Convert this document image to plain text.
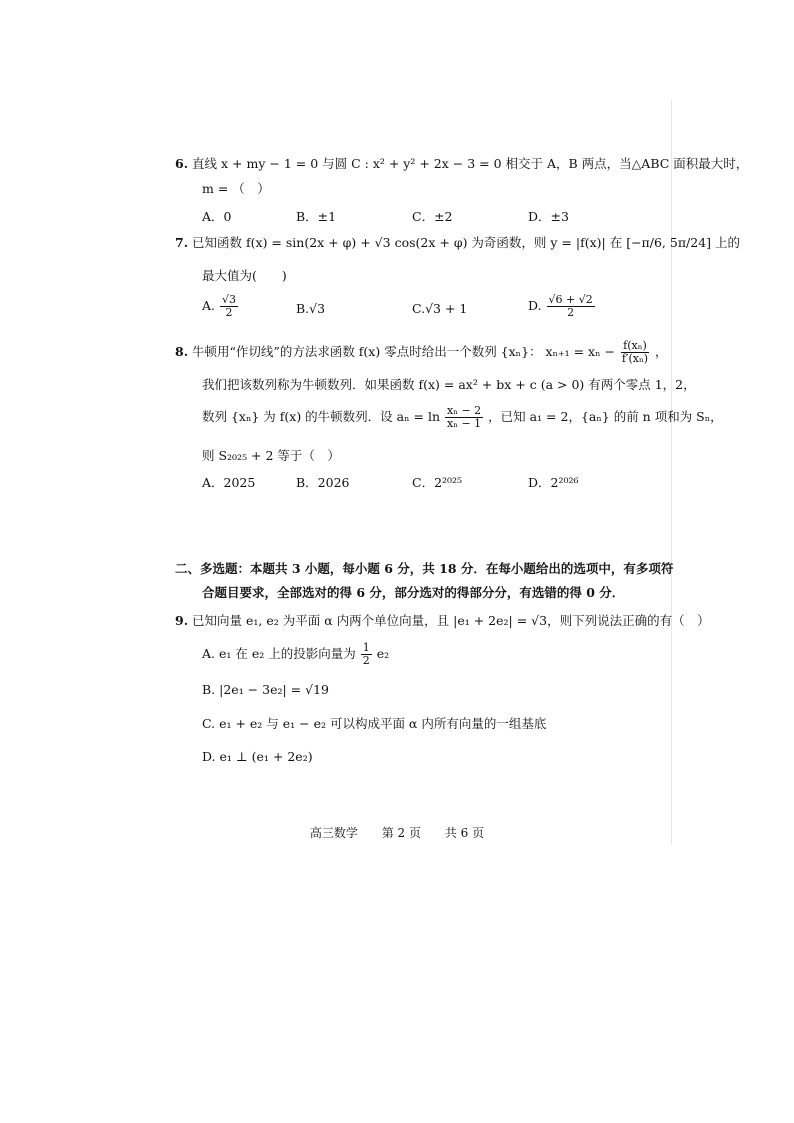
6. 直线 x + my − 1 = 0 与圆 C : x² + y² + 2x − 3 = 0 相交于 A，B 两点，当△ABC 面积最大时，
m = （　）
A．0	B．±1	C．±2	D．±3
7. 已知函数 f(x) = sin(2x + φ) + √3 cos(2x + φ) 为奇函数，则 y = |f(x)| 在 [−π/6, 5π/24] 上的
最大值为(　　)
A. $\frac{√3}{2}$	B.√3	C.√3 + 1	D. $\frac{√6 + √2}{2}$
8. 牛顿用“作切线”的方法求函数 f(x) 零点时给出一个数列 {xₙ}： $x_{n+1} = x_n - \frac{\text{f(xₙ)}}{\text{f′(xₙ)}}$ ，
我们把该数列称为牛顿数列．如果函数 f(x) = ax² + bx + c (a > 0) 有两个零点 1，2，
数列 {xₙ} 为 f(x) 的牛顿数列．设 $a_n = \ln \frac{\text{xₙ − 2}}{\text{xₙ − 1}}$ ，已知 a₁ = 2，{aₙ} 的前 n 项和为 Sₙ，
则 S₂₀₂₅ + 2 等于（　）
A．2025	B．2026	C．2²⁰²⁵	D．2²⁰²⁶
二、多选题：本题共 3 小题，每小题 6 分，共 18 分．在每小题给出的选项中，有多项符
合题目要求，全部选对的得 6 分，部分选对的得部分分，有选错的得 0 分．
9. 已知向量 e₁, e₂ 为平面 α 内两个单位向量，且 |e₁ + 2e₂| = √3，则下列说法正确的有（　）
A. e₁ 在 e₂ 上的投影向量为 $\frac{1}{2} e_2$
B. |2e₁ − 3e₂| = √19
C. e₁ + e₂ 与 e₁ − e₂ 可以构成平面 α 内所有向量的一组基底
D. e₁ ⊥ (e₁ + 2e₂)
高三数学 第 2 页 共 6 页
